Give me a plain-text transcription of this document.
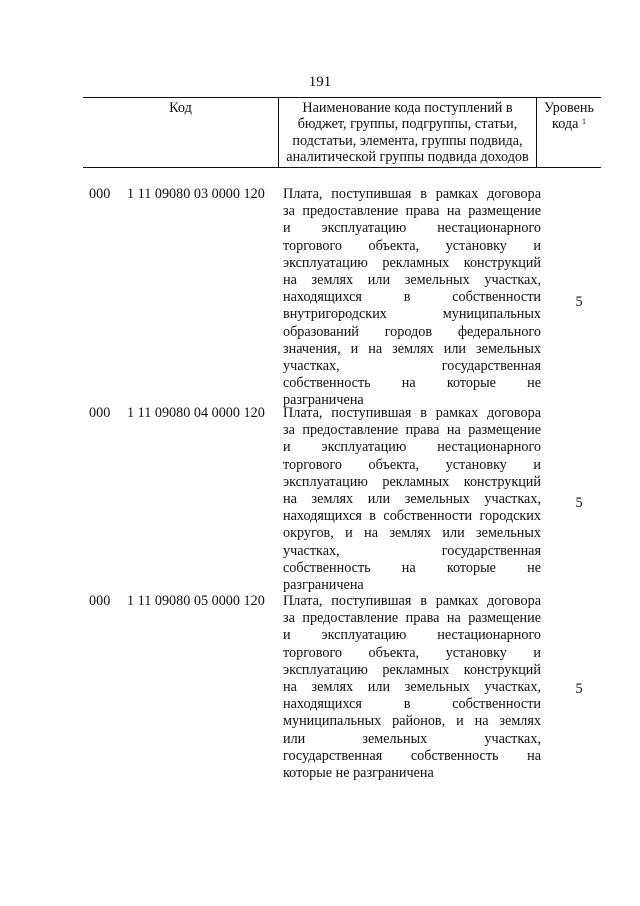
191
Код	Наименование кода поступлений в
бюджет, группы, подгруппы, статьи,
подстатьи, элемента, группы подвида,
аналитической группы подвида доходов
Уровень
кода $^1$
000 1 11 09080 03 0000 120 Плата, поступившая в рамках договора
за предоставление права на размещение
и эксплуатацию нестационарного
торгового объекта, установку и
эксплуатацию рекламных конструкций
на землях или земельных участках,
находящихся в собственности
внутригородских муниципальных
образований городов федерального
значения, и на землях или земельных
участках, государственная
собственность на которые не
разграничена
5
000 1 11 09080 04 0000 120 Плата, поступившая в рамках договора
за предоставление права на размещение
и эксплуатацию нестационарного
торгового объекта, установку и
эксплуатацию рекламных конструкций
на землях или земельных участках,
находящихся в собственности городских
округов, и на землях или земельных
участках, государственная
собственность на которые не
разграничена
5
000 1 11 09080 05 0000 120 Плата, поступившая в рамках договора
за предоставление права на размещение
и эксплуатацию нестационарного
торгового объекта, установку и
эксплуатацию рекламных конструкций
на землях или земельных участках,
находящихся в собственности
муниципальных районов, и на землях
или земельных участках,
государственная собственность на
которые не разграничена
5
